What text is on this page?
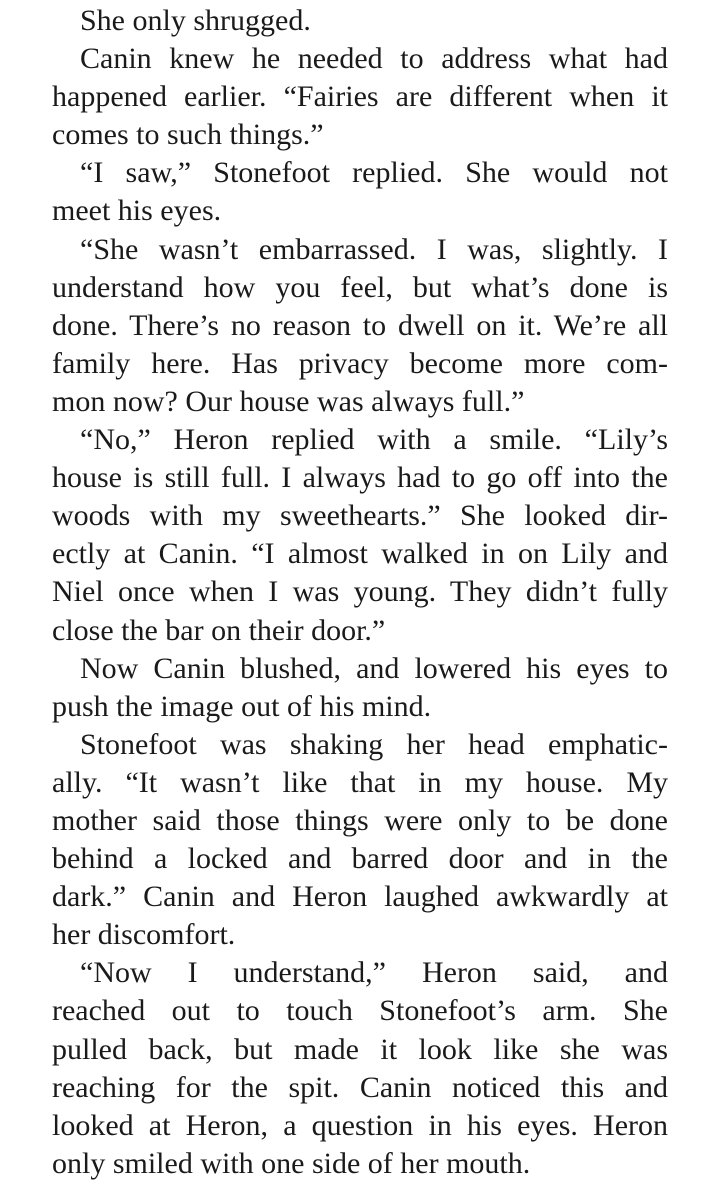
She only shrugged.
Canin knew he needed to address what had
happened earlier. “Fairies are different when it
comes to such things.”
“I saw,” Stonefoot replied. She would not
meet his eyes.
“She wasn’t embarrassed. I was, slightly. I
understand how you feel, but what’s done is
done. There’s no reason to dwell on it. We’re all
family here. Has privacy become more com-
mon now? Our house was always full.”
“No,” Heron replied with a smile. “Lily’s
house is still full. I always had to go off into the
woods with my sweethearts.” She looked dir-
ectly at Canin. “I almost walked in on Lily and
Niel once when I was young. They didn’t fully
close the bar on their door.”
Now Canin blushed, and lowered his eyes to
push the image out of his mind.
Stonefoot was shaking her head emphatic-
ally. “It wasn’t like that in my house. My
mother said those things were only to be done
behind a locked and barred door and in the
dark.” Canin and Heron laughed awkwardly at
her discomfort.
“Now I understand,” Heron said, and
reached out to touch Stonefoot’s arm. She
pulled back, but made it look like she was
reaching for the spit. Canin noticed this and
looked at Heron, a question in his eyes. Heron
only smiled with one side of her mouth.
